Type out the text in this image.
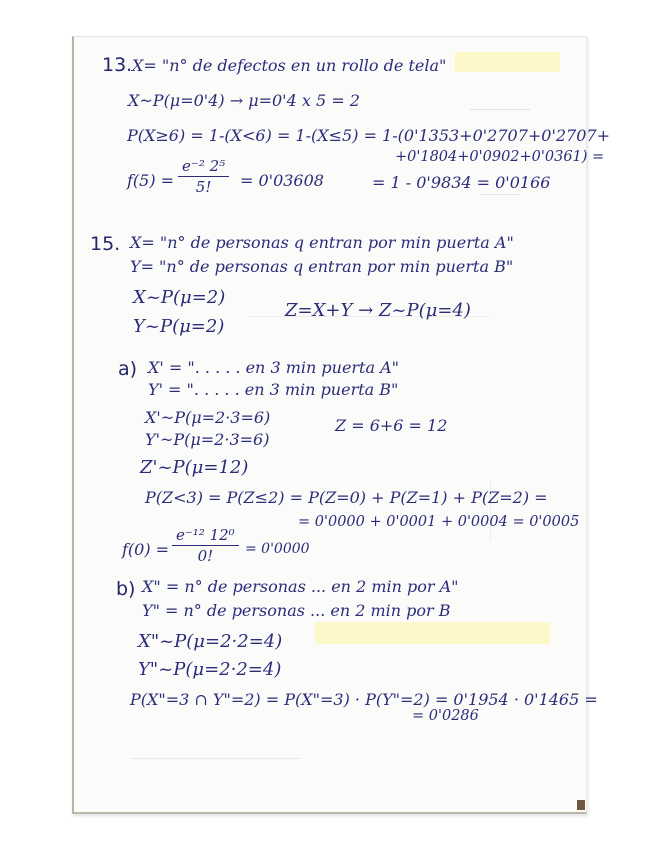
13. X= "n° de defectos en un rollo de tela"
X~P(μ=0'4) → μ=0'4 x 5 = 2
P(X≥6) = 1-(X<6) = 1-(X≤5) = 1-(0'1353+0'2707+0'2707+
+0'1804+0'0902+0'0361) =
f(5) =
e⁻² 2⁵
5! = 0'03608	= 1 - 0'9834 = 0'0166
15. X= "n° de personas q entran por min puerta A"
Y= "n° de personas q entran por min puerta B"
X~P(μ=2)
Y~P(μ=2)
Z=X+Y → Z~P(μ=4)
a) X' = ". . . . . en 3 min puerta A"
Y' = ". . . . . en 3 min puerta B"
X'~P(μ=2·3=6)
Y'~P(μ=2·3=6)
Z = 6+6 = 12
Z'~P(μ=12)
P(Z<3) = P(Z≤2) = P(Z=0) + P(Z=1) + P(Z=2) =
= 0'0000 + 0'0001 + 0'0004 = 0'0005
f(0) =
e⁻¹² 12⁰
0! = 0'0000
b) X" = n° de personas ... en 2 min por A"
Y" = n° de personas ... en 2 min por B
X"~P(μ=2·2=4)
Y"~P(μ=2·2=4)
P(X"=3 ∩ Y"=2) = P(X"=3) · P(Y"=2) = 0'1954 · 0'1465 =
= 0'0286
